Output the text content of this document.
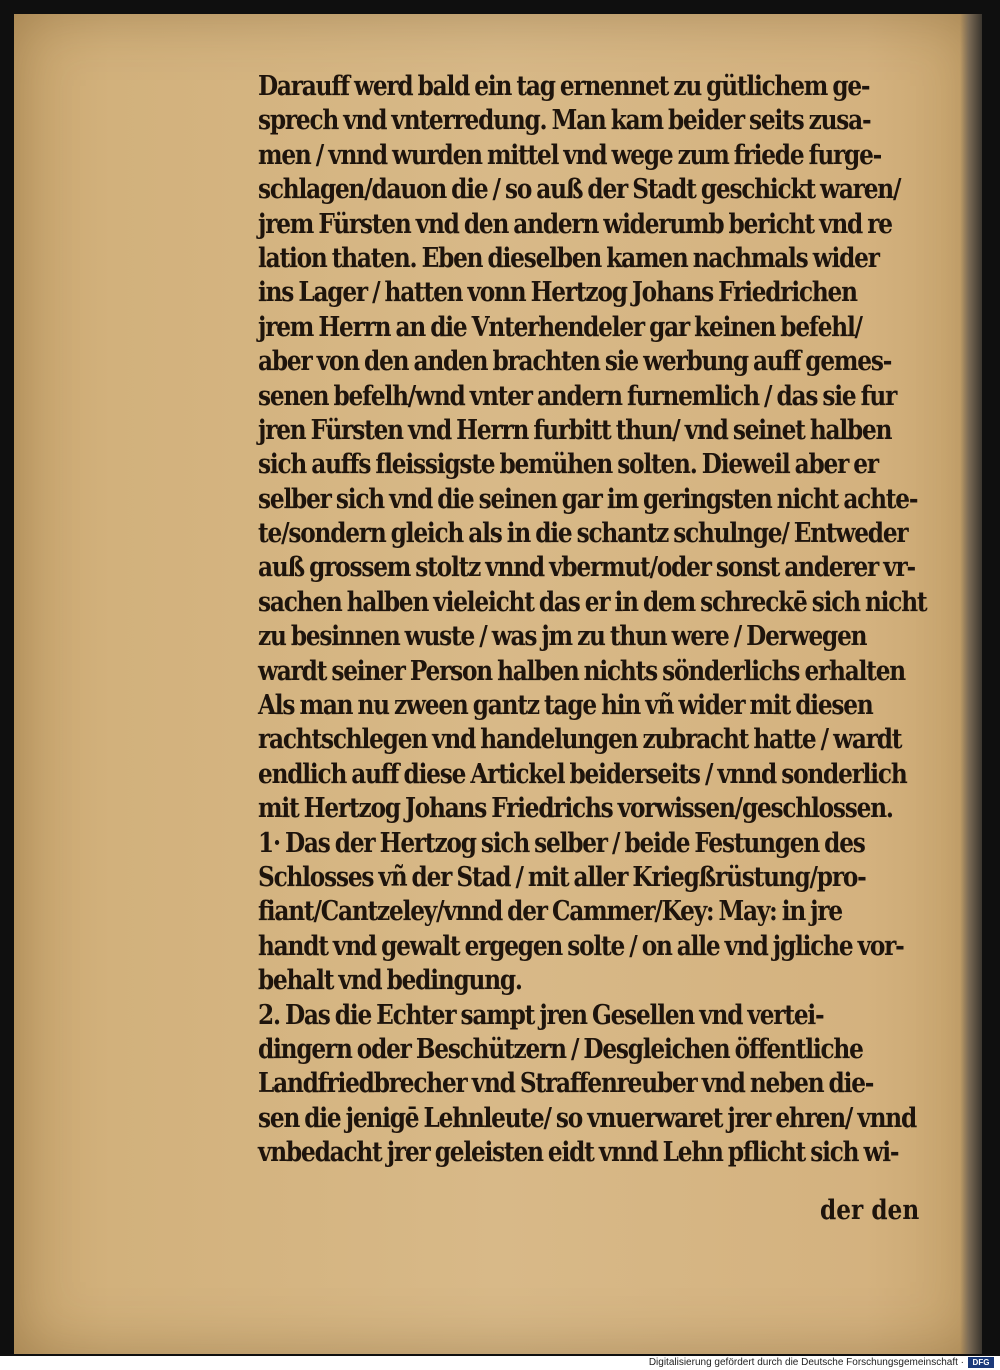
Darauff werd bald ein tag ernennet zu gütlichem ge-
sprech vnd vnterredung. Man kam beider seits zusa-
men / vnnd wurden mittel vnd wege zum friede furge-
schlagen/dauon die / so auß der Stadt geschickt waren/
jrem Fürsten vnd den andern widerumb bericht vnd re
lation thaten. Eben dieselben kamen nachmals wider
ins Lager / hatten vonn Hertzog Johans Friedrichen
jrem Herrn an die Vnterhendeler gar keinen befehl/
aber von den anden brachten sie werbung auff gemes-
senen befelh/wnd vnter andern furnemlich / das sie fur
jren Fürsten vnd Herrn furbitt thun/ vnd seinet halben
sich auffs fleissigste bemühen solten. Dieweil aber er
selber sich vnd die seinen gar im geringsten nicht achte-
te/sondern gleich als in die schantz schulnge/ Entweder
auß grossem stoltz vnnd vbermut/oder sonst anderer vr-
sachen halben vieleicht das er in dem schreckē sich nicht
zu besinnen wuste / was jm zu thun were / Derwegen
wardt seiner Person halben nichts sönderlichs erhalten
Als man nu zween gantz tage hin vñ wider mit diesen
rachtschlegen vnd handelungen zubracht hatte / wardt
endlich auff diese Artickel beiderseits / vnnd sonderlich
mit Hertzog Johans Friedrichs vorwissen/geschlossen.
1· Das der Hertzog sich selber / beide Festungen des
Schlosses vñ der Stad / mit aller Kriegßrüstung/pro-
fiant/Cantzeley/vnnd der Cammer/Key: May: in jre
handt vnd gewalt ergegen solte / on alle vnd jgliche vor-
behalt vnd bedingung.
2. Das die Echter sampt jren Gesellen vnd vertei-
dingern oder Beschützern / Desgleichen öffentliche
Landfriedbrecher vnd Straffenreuber vnd neben die-
sen die jenigē Lehnleute/ so vnuerwaret jrer ehren/ vnnd
vnbedacht jrer geleisten eidt vnnd Lehn pflicht sich wi-
der den
Digitalisierung gefördert durch die Deutsche Forschungsgemeinschaft ·	DFG
